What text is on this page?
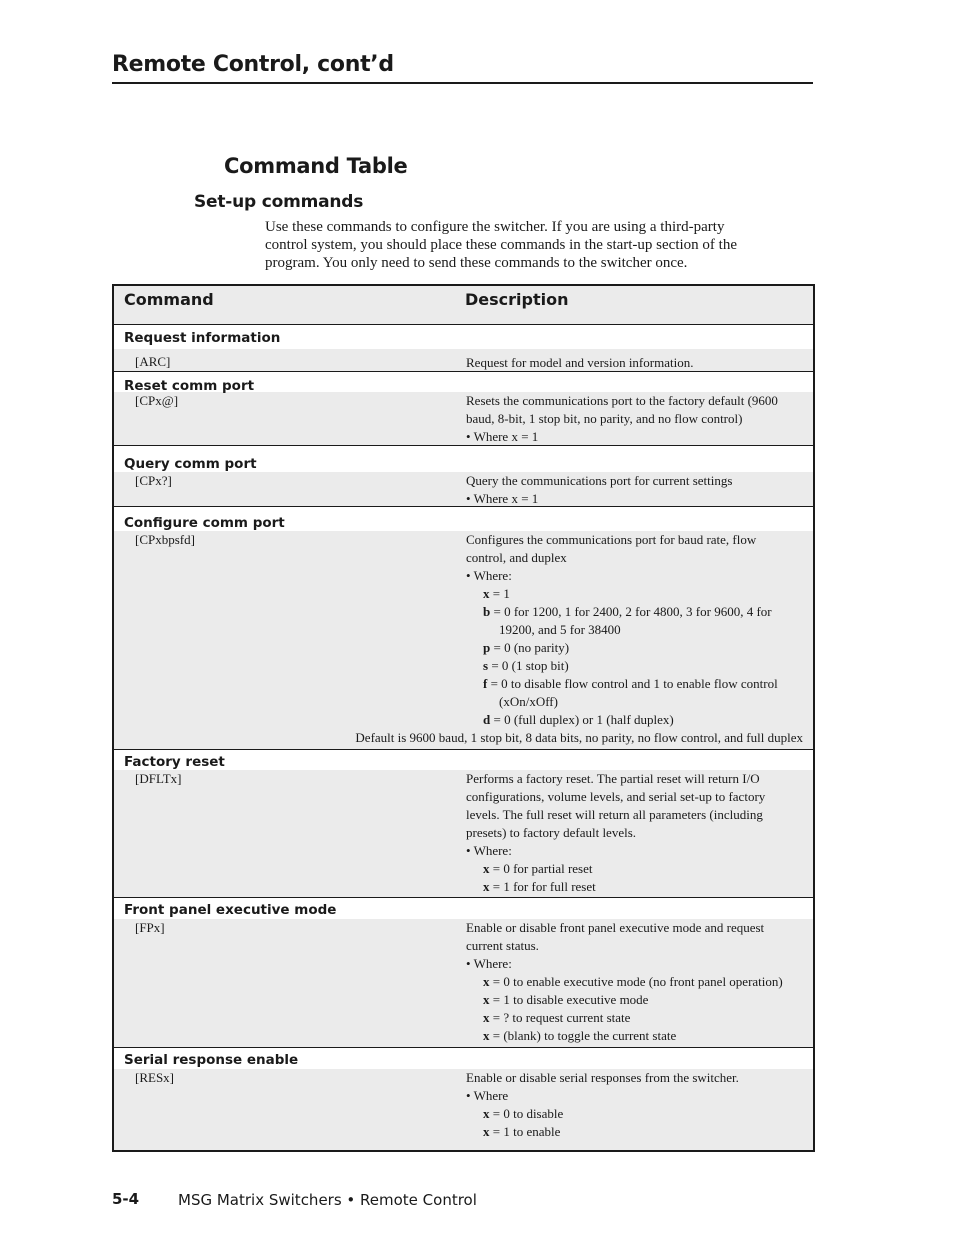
Remote Control, cont’d
Command Table
Set-up commands
Use these commands to configure the switcher. If you are using a third-party
control system, you should place these commands in the start-up section of the
program. You only need to send these commands to the switcher once.
Command	Description
Request information
[ARC]	Request for model and version information.
Reset comm port
[CPx@]	Resets the communications port to the factory default (9600
baud, 8-bit, 1 stop bit, no parity, and no flow control)
• Where x = 1
Query comm port
[CPx?]	Query the communications port for current settings
• Where x = 1
Configure comm port
[CPxbpsfd]	Configures the communications port for baud rate, flow
control, and duplex
• Where:
x = 1
b = 0 for 1200, 1 for 2400, 2 for 4800, 3 for 9600, 4 for
19200, and 5 for 38400
p = 0 (no parity)
s = 0 (1 stop bit)
f = 0 to disable flow control and 1 to enable flow control
(xOn/xOff)
d = 0 (full duplex) or 1 (half duplex)
Default is 9600 baud, 1 stop bit, 8 data bits, no parity, no flow control, and full duplex
Factory reset
[DFLTx]	Performs a factory reset. The partial reset will return I/O
configurations, volume levels, and serial set-up to factory
levels. The full reset will return all parameters (including
presets) to factory default levels.
• Where:
x = 0 for partial reset
x = 1 for for full reset
Front panel executive mode
[FPx]	Enable or disable front panel executive mode and request
current status.
• Where:
x = 0 to enable executive mode (no front panel operation)
x = 1 to disable executive mode
x = ? to request current state
x = (blank) to toggle the current state
Serial response enable
[RESx]	Enable or disable serial responses from the switcher.
• Where
x = 0 to disable
x = 1 to enable
5-4	MSG Matrix Switchers • Remote Control
